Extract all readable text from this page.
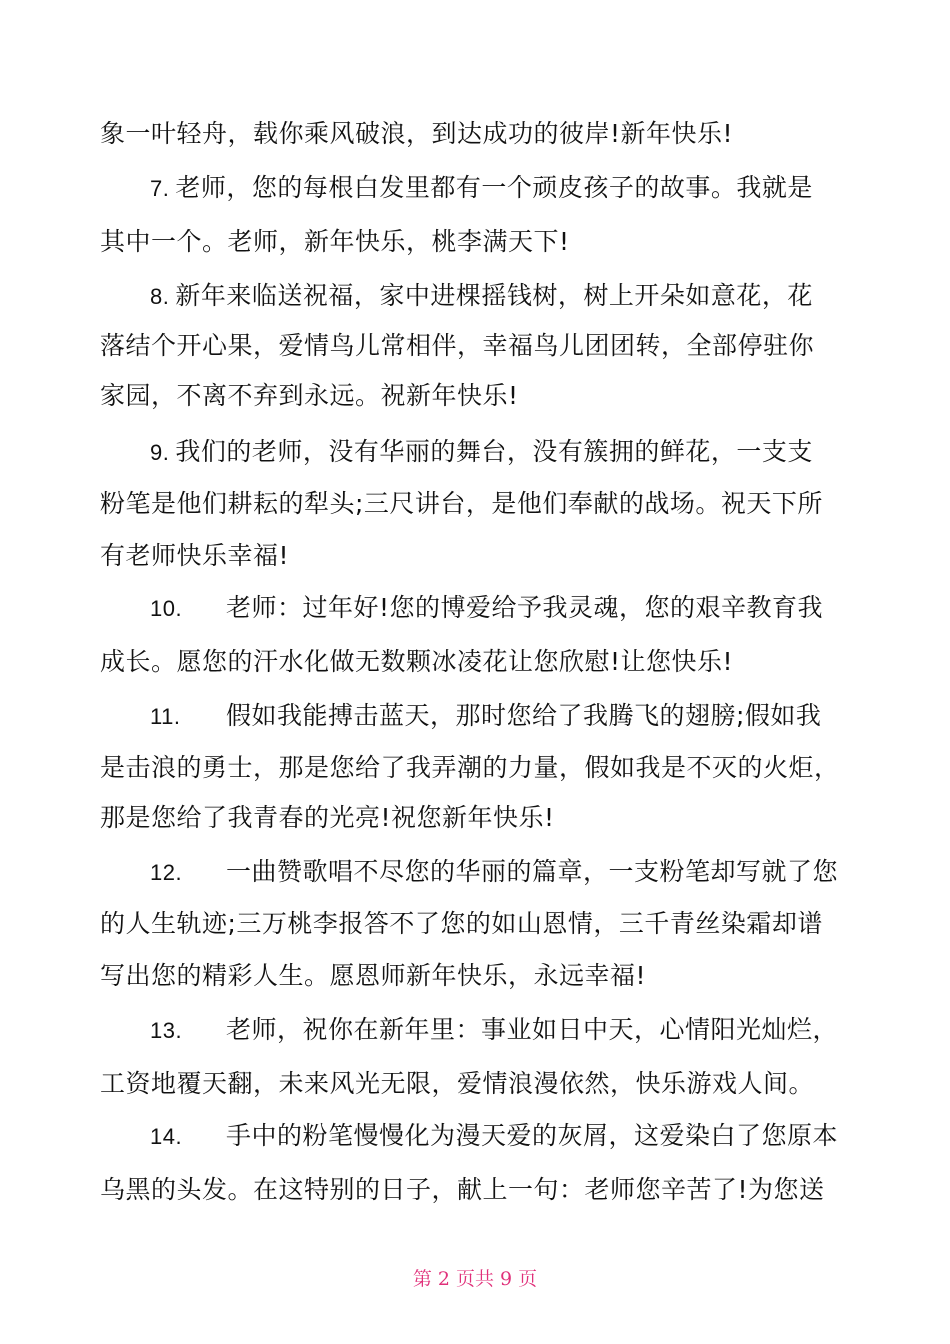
象一叶轻舟，载你乘风破浪，到达成功的彼岸!新年快乐!
7. 老师，您的每根白发里都有一个顽皮孩子的故事。我就是
其中一个。老师，新年快乐，桃李满天下!
8. 新年来临送祝福，家中进棵摇钱树，树上开朵如意花，花
落结个开心果，爱情鸟儿常相伴，幸福鸟儿团团转，全部停驻你
家园，不离不弃到永远。祝新年快乐!
9. 我们的老师，没有华丽的舞台，没有簇拥的鲜花，一支支
粉笔是他们耕耘的犁头;三尺讲台，是他们奉献的战场。祝天下所
有老师快乐幸福!
10. 老师：过年好!您的博爱给予我灵魂，您的艰辛教育我
成长。愿您的汗水化做无数颗冰凌花让您欣慰!让您快乐!
11. 假如我能搏击蓝天，那时您给了我腾飞的翅膀;假如我
是击浪的勇士，那是您给了我弄潮的力量，假如我是不灭的火炬，
那是您给了我青春的光亮!祝您新年快乐!
12. 一曲赞歌唱不尽您的华丽的篇章，一支粉笔却写就了您
的人生轨迹;三万桃李报答不了您的如山恩情，三千青丝染霜却谱
写出您的精彩人生。愿恩师新年快乐，永远幸福!
13. 老师，祝你在新年里：事业如日中天，心情阳光灿烂，
工资地覆天翻，未来风光无限，爱情浪漫依然，快乐游戏人间。
14. 手中的粉笔慢慢化为漫天爱的灰屑，这爱染白了您原本
乌黑的头发。在这特别的日子，献上一句：老师您辛苦了!为您送
第 2 页共 9 页
